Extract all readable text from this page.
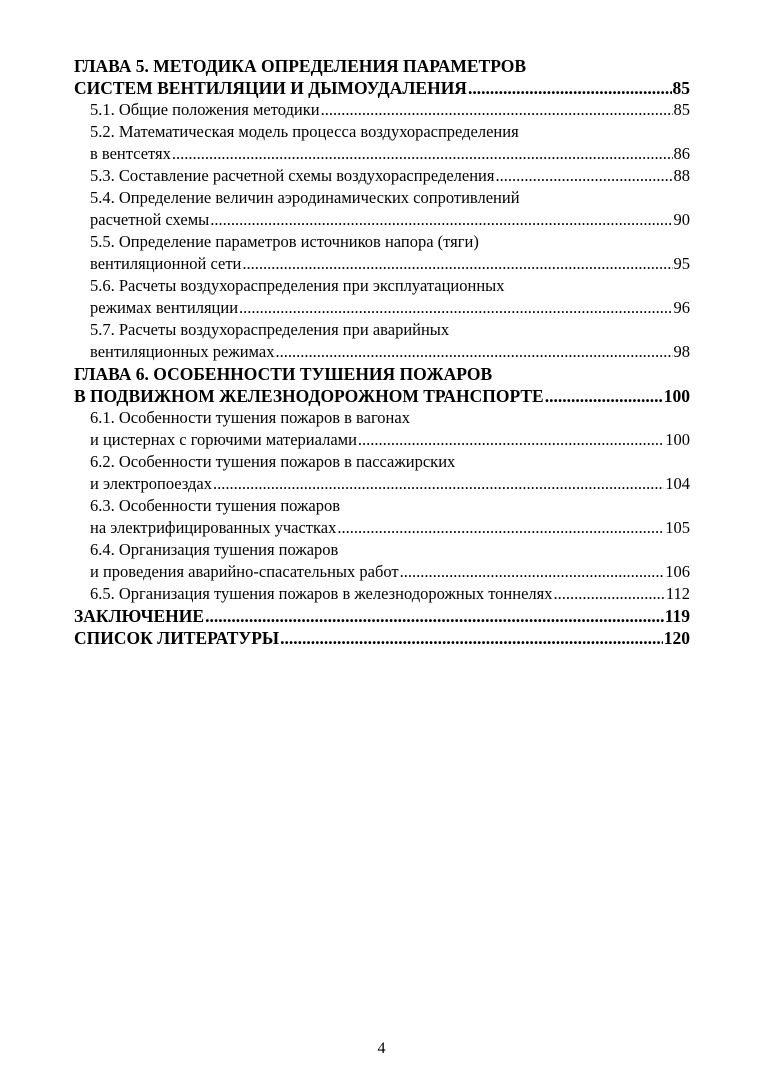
ГЛАВА 5. МЕТОДИКА ОПРЕДЕЛЕНИЯ ПАРАМЕТРОВ
СИСТЕМ ВЕНТИЛЯЦИИ И ДЫМОУДАЛЕНИЯ .....	85
5.1. Общие положения методики .....	85
5.2. Математическая модель процесса воздухораспределения
в вентсетях .....	86
5.3. Составление расчетной схемы воздухораспределения .....	88
5.4. Определение величин аэродинамических сопротивлений
расчетной схемы .....	90
5.5. Определение параметров источников напора (тяги)
вентиляционной сети .....	95
5.6. Расчеты воздухораспределения при эксплуатационных
режимах вентиляции .....	96
5.7. Расчеты воздухораспределения при аварийных
вентиляционных режимах .....	98
ГЛАВА 6. ОСОБЕННОСТИ ТУШЕНИЯ ПОЖАРОВ
В ПОДВИЖНОМ ЖЕЛЕЗНОДОРОЖНОМ ТРАНСПОРТЕ .....	100
6.1. Особенности тушения пожаров в вагонах
и цистернах с горючими материалами .....	100
6.2. Особенности тушения пожаров в пассажирских
и электропоездах .....	104
6.3. Особенности тушения пожаров
на электрифицированных участках .....	105
6.4. Организация тушения пожаров
и проведения аварийно-спасательных работ .....	106
6.5. Организация тушения пожаров в железнодорожных тоннелях .....	112
ЗАКЛЮЧЕНИЕ .....	119
СПИСОК ЛИТЕРАТУРЫ .....	120
4
